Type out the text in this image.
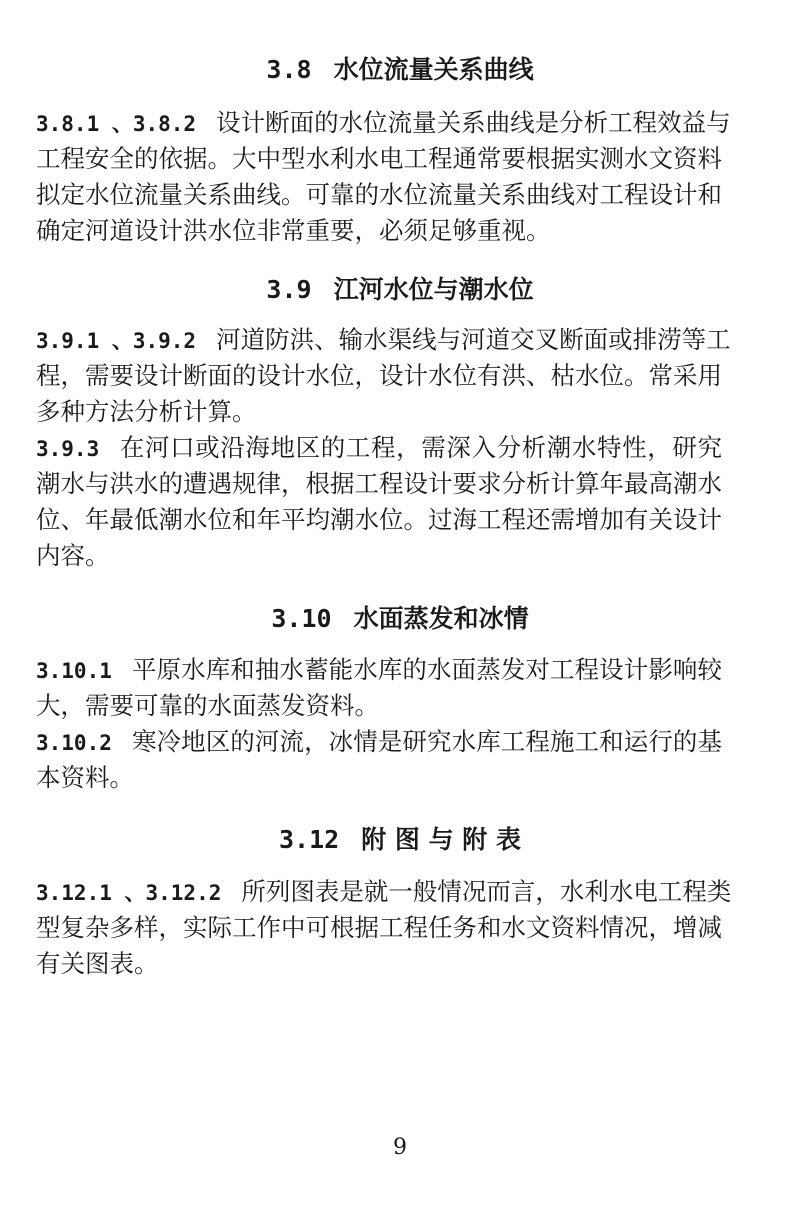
3.8 水位流量关系曲线
3.8.1 、3.8.2 设计断面的水位流量关系曲线是分析工程效益与
工程安全的依据。大中型水利水电工程通常要根据实测水文资料
拟定水位流量关系曲线。可靠的水位流量关系曲线对工程设计和
确定河道设计洪水位非常重要，必须足够重视。
3.9 江河水位与潮水位
3.9.1 、3.9.2 河道防洪、输水渠线与河道交叉断面或排涝等工
程，需要设计断面的设计水位，设计水位有洪、枯水位。常采用
多种方法分析计算。
3.9.3 在河口或沿海地区的工程，需深入分析潮水特性，研究
潮水与洪水的遭遇规律，根据工程设计要求分析计算年最高潮水
位、年最低潮水位和年平均潮水位。过海工程还需增加有关设计
内容。
3.10 水面蒸发和冰情
3.10.1 平原水库和抽水蓄能水库的水面蒸发对工程设计影响较
大，需要可靠的水面蒸发资料。
3.10.2 寒冷地区的河流，冰情是研究水库工程施工和运行的基
本资料。
3.12 附 图 与 附 表
3.12.1 、3.12.2 所列图表是就一般情况而言，水利水电工程类
型复杂多样，实际工作中可根据工程任务和水文资料情况，增减
有关图表。
9
